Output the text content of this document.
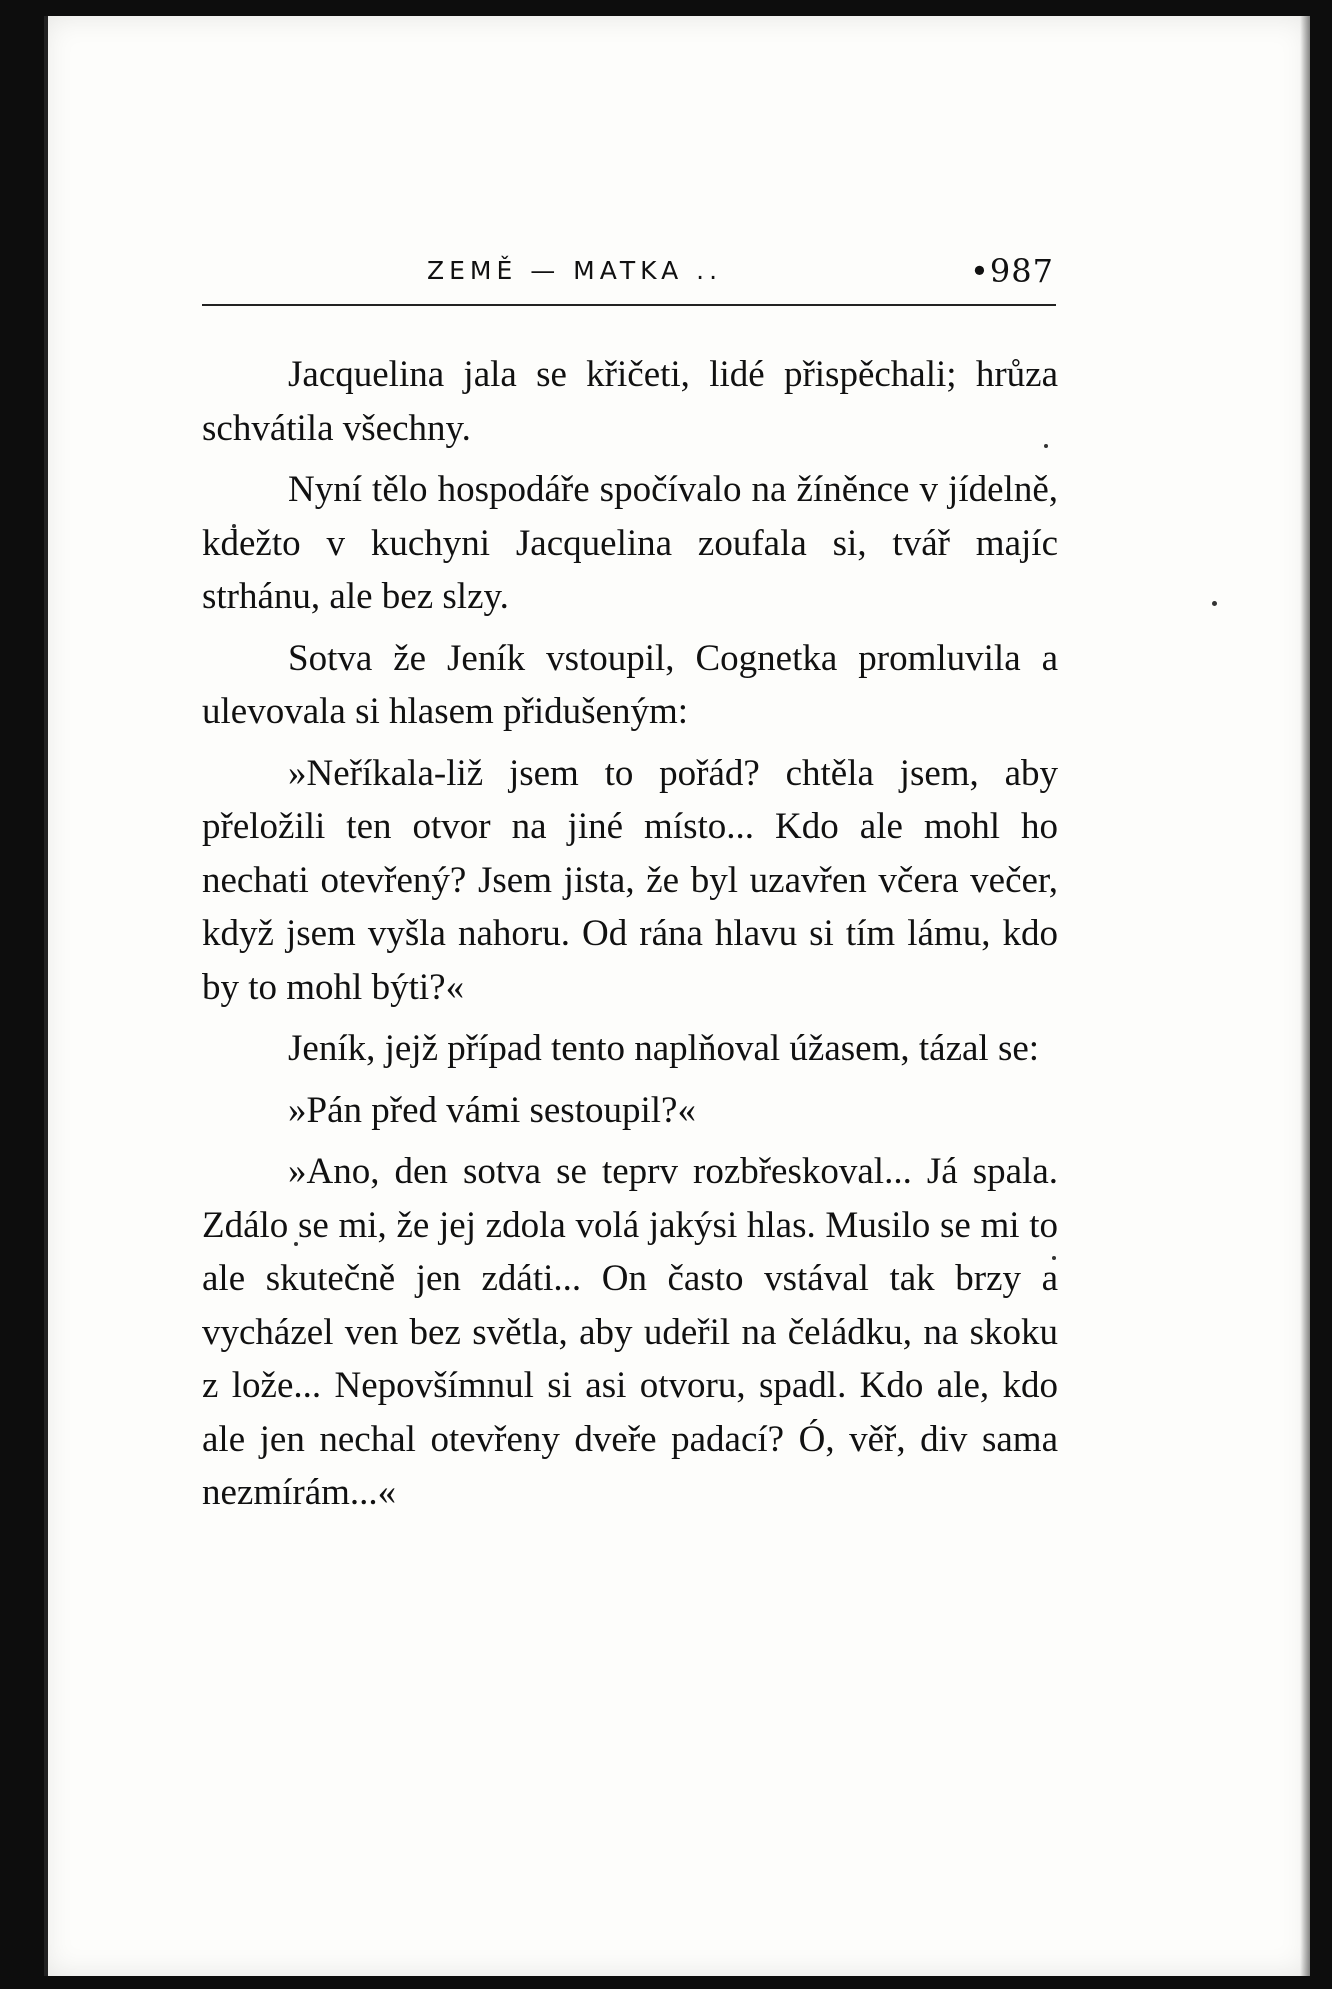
ZEMĚ — MATKA ..	•987

Jacquelina jala se křičeti, lidé přispěchali; hrůza schvátila všechny.

Nyní tělo hospodáře spočívalo na žíněnce v jídelně, kdežto v kuchyni Jacquelina zoufala si, tvář majíc strhánu, ale bez slzy.

Sotva že Jeník vstoupil, Cognetka promluvila a ulevovala si hlasem přidušeným:

»Neříkala-liž jsem to pořád? chtěla jsem, aby přeložili ten otvor na jiné místo... Kdo ale mohl ho nechati otevřený? Jsem jista, že byl uzavřen včera večer, když jsem vyšla nahoru. Od rána hlavu si tím lámu, kdo by to mohl býti?«

Jeník, jejž případ tento naplňoval úžasem, tázal se:

»Pán před vámi sestoupil?«

»Ano, den sotva se teprv rozbřeskoval... Já spala. Zdálo se mi, že jej zdola volá jakýsi hlas. Musilo se mi to ale skutečně jen zdáti... On často vstával tak brzy a vycházel ven bez světla, aby udeřil na čeládku, na skoku z lože... Nepovšímnul si asi otvoru, spadl. Kdo ale, kdo ale jen nechal otevřeny dveře padací? Ó, věř, div sama nezmírám...«
